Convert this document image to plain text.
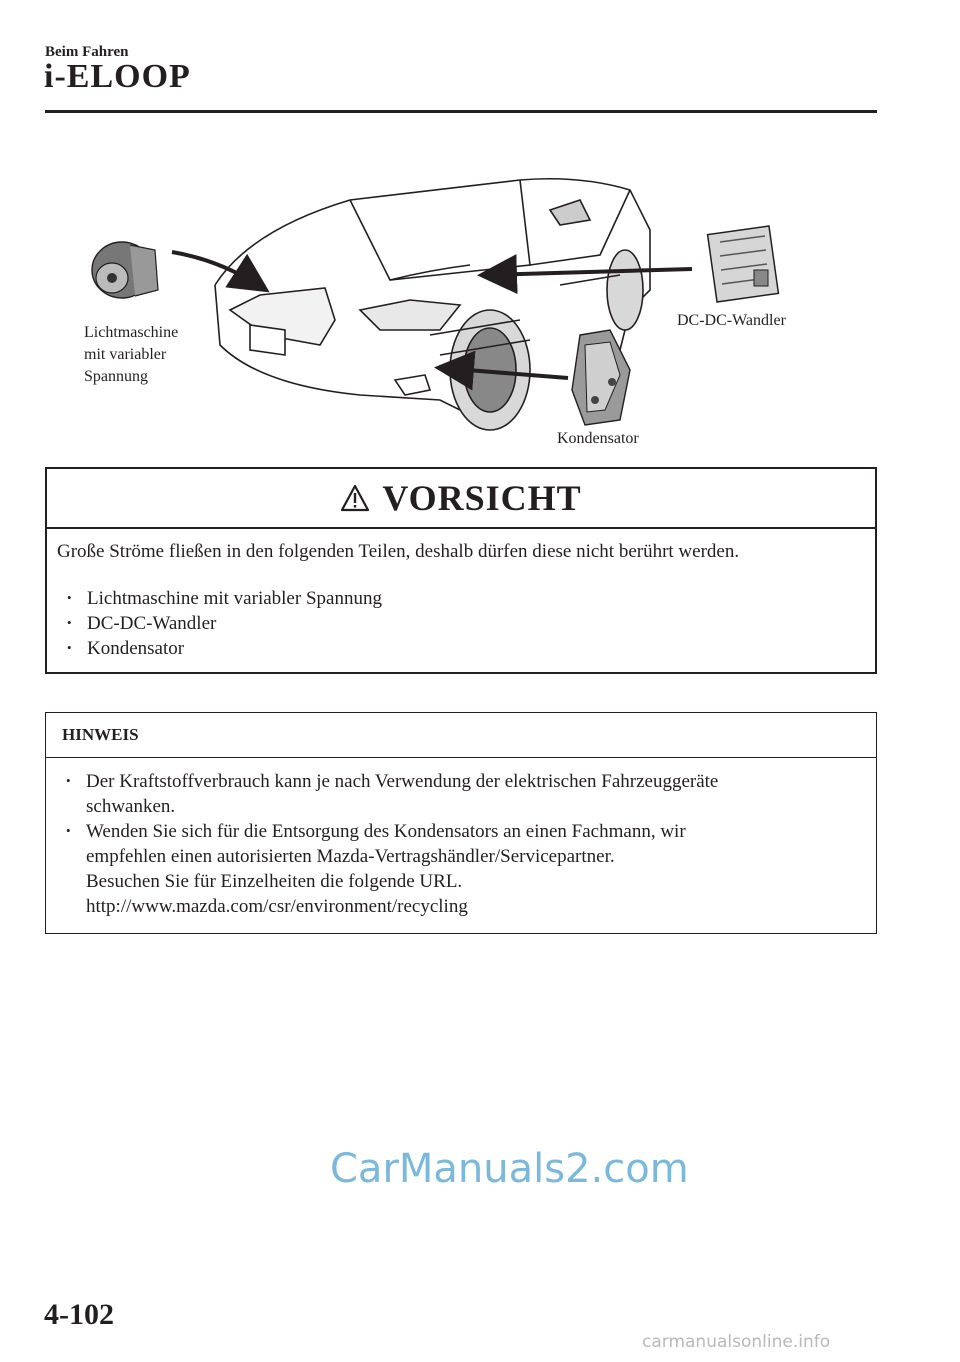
Beim Fahren
i-ELOOP
Lichtmaschine
mit variabler
Spannung
DC-DC-Wandler
Kondensator
VORSICHT
Große Ströme fließen in den folgenden Teilen, deshalb dürfen diese nicht berührt werden.
• Lichtmaschine mit variabler Spannung
• DC-DC-Wandler
• Kondensator
HINWEIS
• Der Kraftstoffverbrauch kann je nach Verwendung der elektrischen Fahrzeuggeräte
schwanken.
• Wenden Sie sich für die Entsorgung des Kondensators an einen Fachmann, wir
empfehlen einen autorisierten Mazda-Vertragshändler/Servicepartner.
Besuchen Sie für Einzelheiten die folgende URL.
http://www.mazda.com/csr/environment/recycling
CarManuals2.com
4-102
carmanualsonline.info
